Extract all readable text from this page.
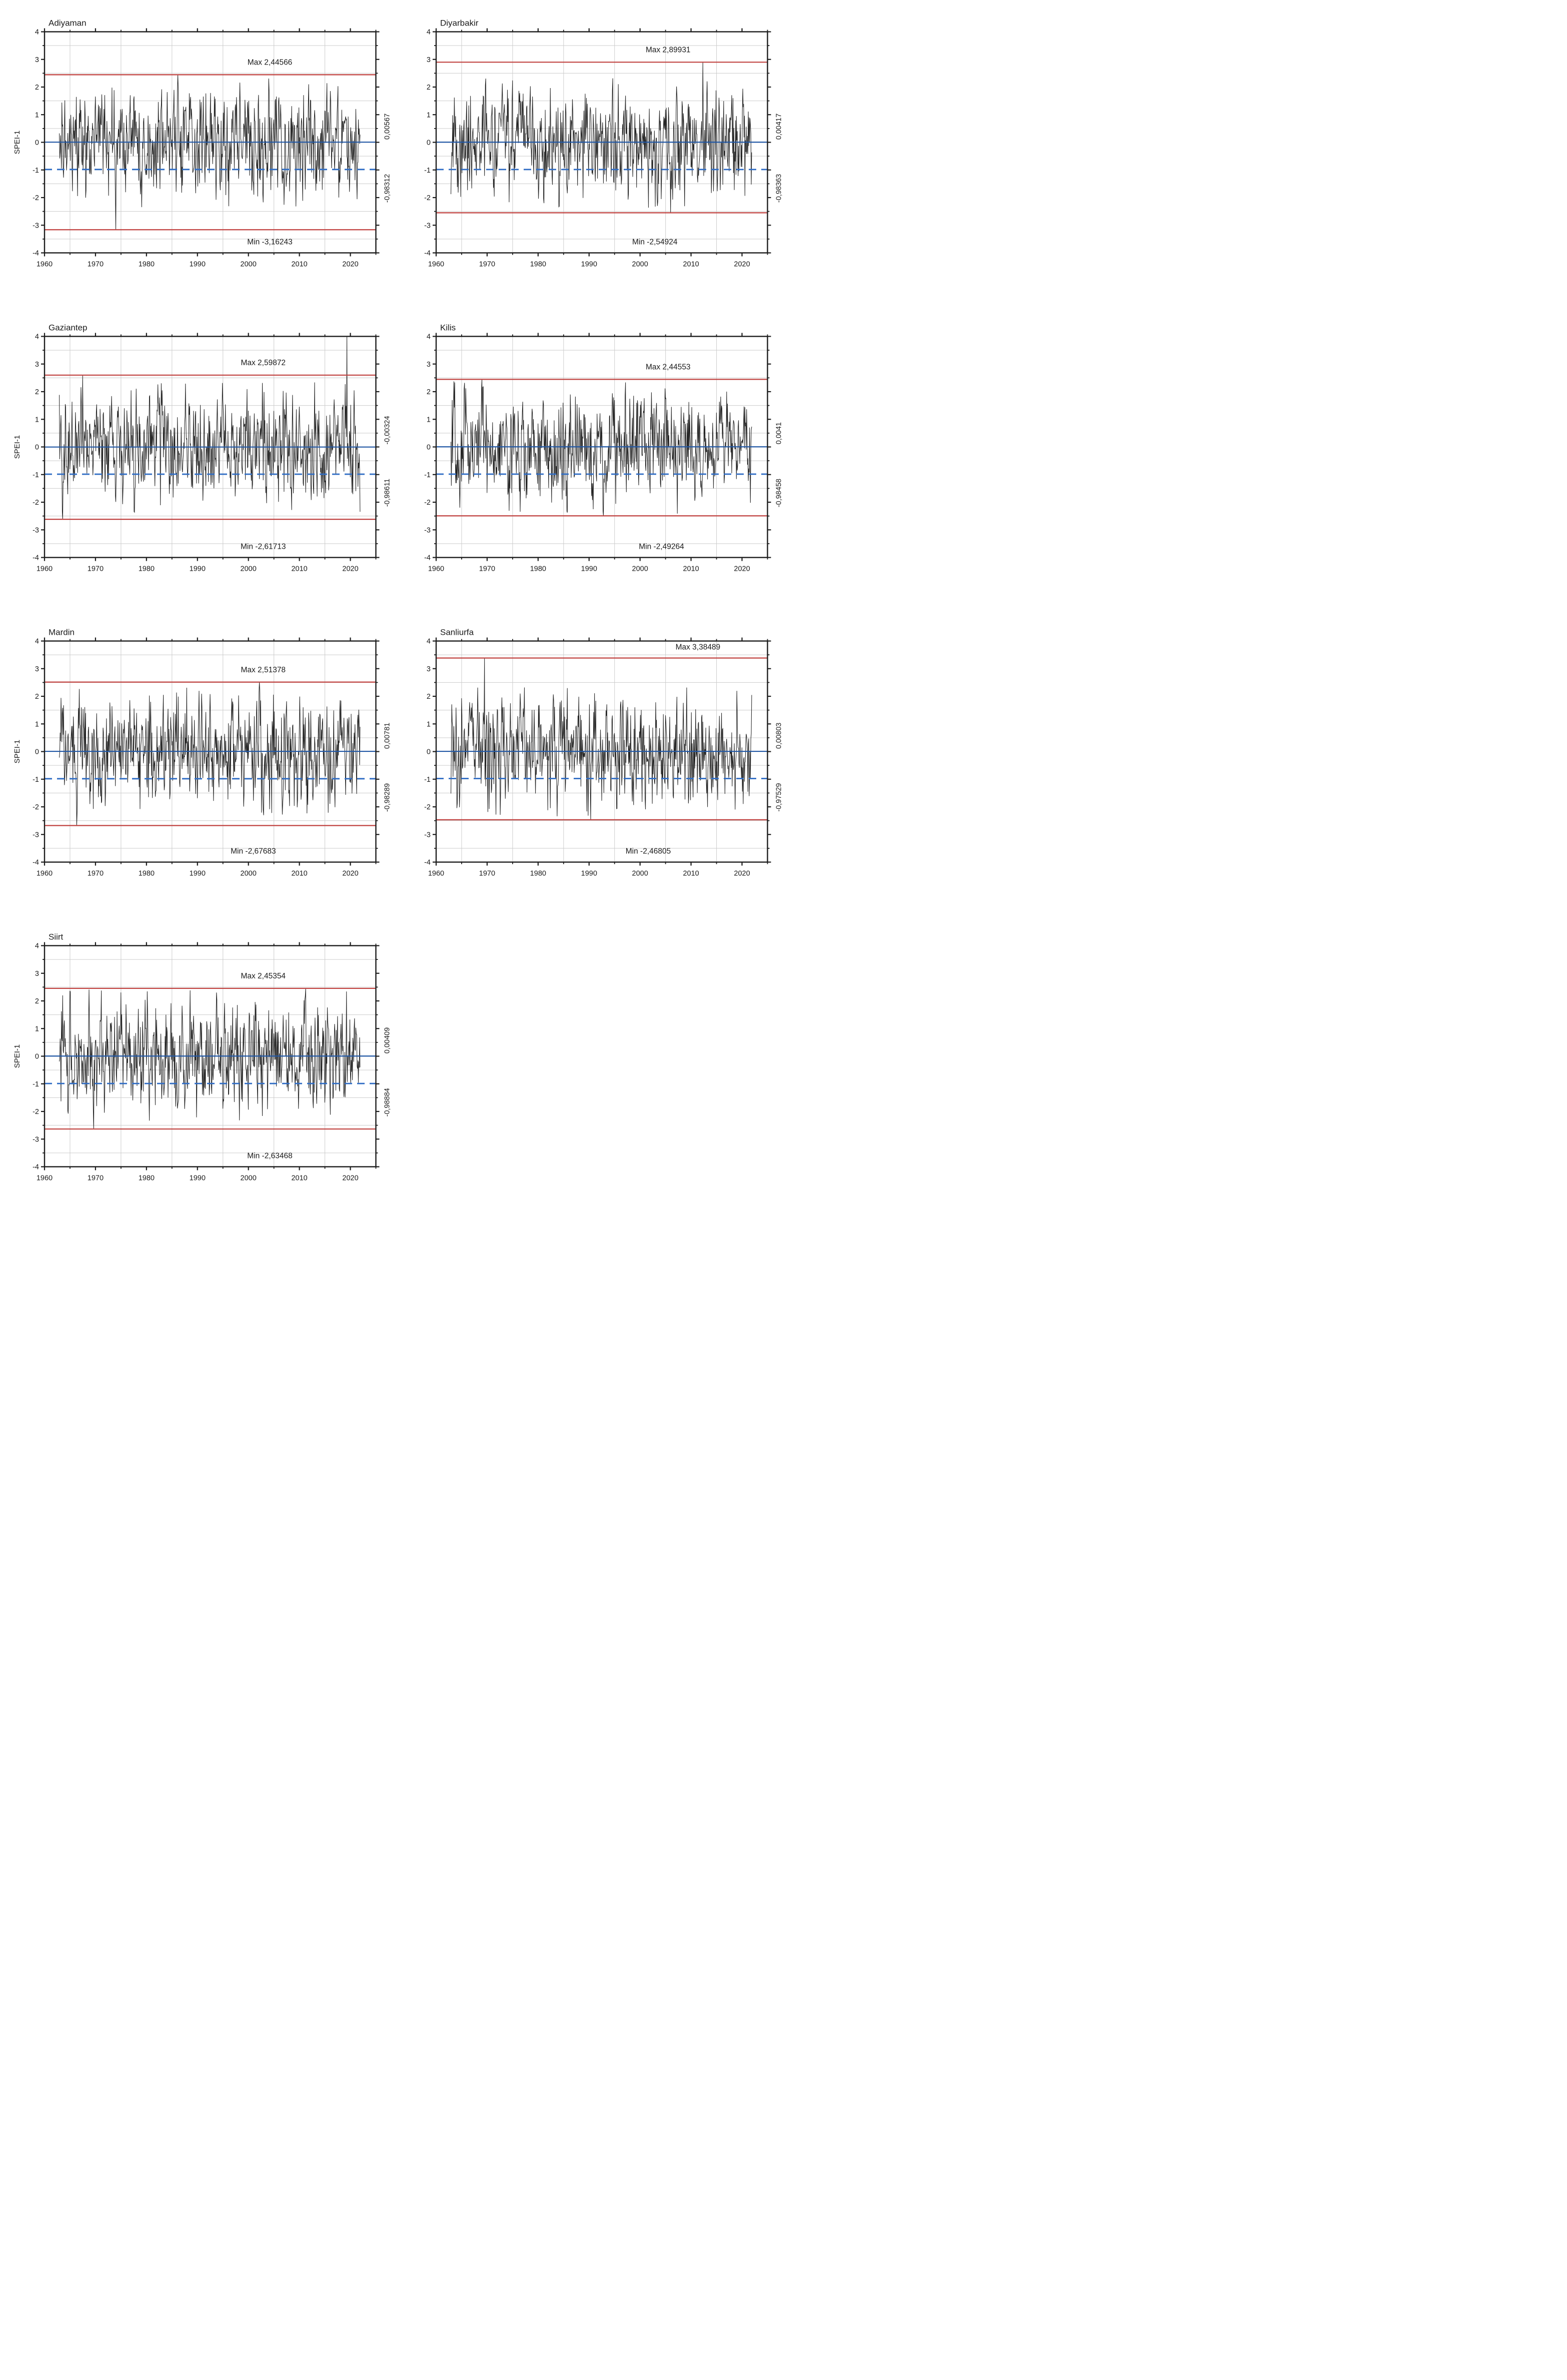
4
3
2
1
0
-1
-2
-3
-4
1960	1970	1980	1990	2000	2010	2020
Adiyaman
SPEI-1
Max 2,44566
Min -3,16243
0,00567
-0,98312
4
3
2
1
0
-1
-2
-3
-4
1960	1970	1980	1990	2000	2010	2020
Diyarbakir
Max 2,89931
Min -2,54924
0,00417
-0,98363
4
3
2
1
0
-1
-2
-3
-4
1960	1970	1980	1990	2000	2010	2020
Gaziantep
SPEI-1
Max 2,59872
Min -2,61713
-0,00324
-0,98611
4
3
2
1
0
-1
-2
-3
-4
1960	1970	1980	1990	2000	2010	2020
Kilis
Max 2,44553
Min -2,49264
0,0041
-0,98458
4
3
2
1
0
-1
-2
-3
-4
1960	1970	1980	1990	2000	2010	2020
Mardin
SPEI-1
Max 2,51378
Min -2,67683
0,00781
-0,98289
4
3
2
1
0
-1
-2
-3
-4
1960	1970	1980	1990	2000	2010	2020
Sanliurfa
Max 3,38489
Min -2,46805
0,00803
-0,97529
4
3
2
1
0
-1
-2
-3
-4
1960	1970	1980	1990	2000	2010	2020
Siirt
SPEI-1
Max 2,45354
Min -2,63468
0,00409
-0,98884
